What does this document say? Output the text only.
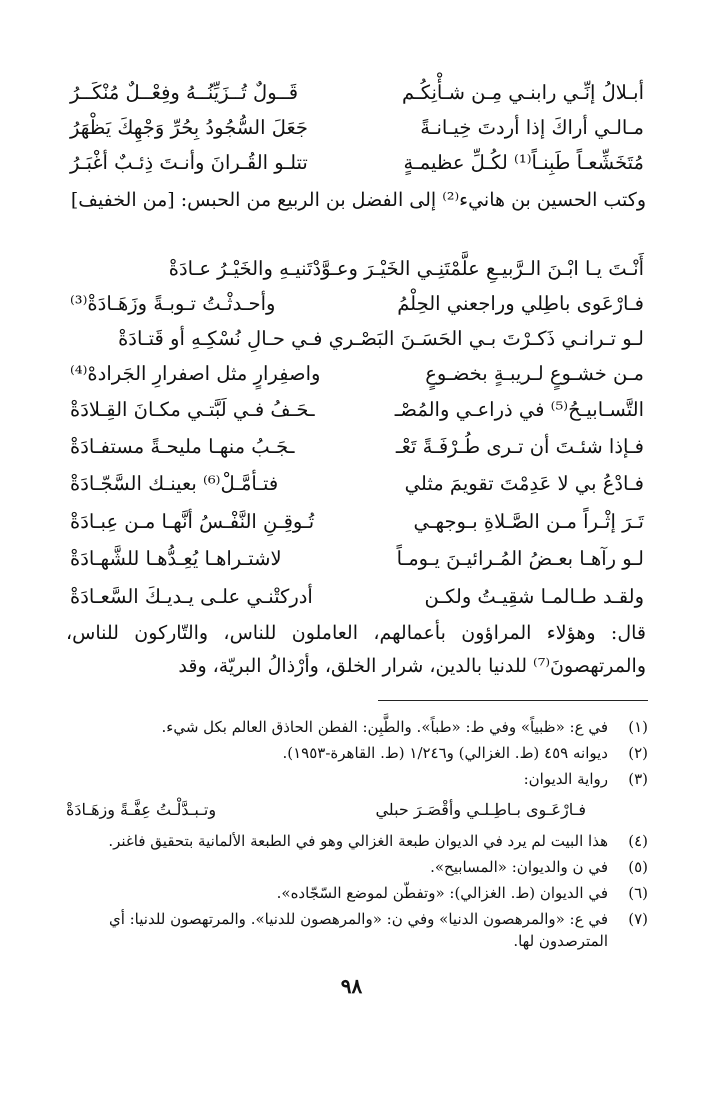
أبـلالُ إنِّـي رابنـي مِـن شـأْنِكُـم
قَــولٌ تُــزَيِّنُــهُ وفِعْــلٌ مُنْكَــرُ
مـالـي أراكَ إذا أردتَ خِيـانـةً
جَعَلَ السُّجُودُ بِحُرِّ وَجْهِكَ يَظْهَرُ
مُتَخَشِّعـاً طَبِنـاً⁽¹⁾ لكُـلِّ عظيمـةٍ
تتلـو القُـرانَ وأنـتَ ذِئـبٌ أغْبَـرُ
وكتب الحسين بن هانيء⁽²⁾ إلى الفضل بن الربيع من الحبس: [من الخفيف]
أَنْـتَ يـا ابْـنَ الـرَّبيـعِ علَّمْتَنِـي الخَيْـرَ وعـوَّدْتَنيـهِ والخَيْـرُ عـادَةْ
فـارْعَوى باطِلي وراجعني الحِلْمُ
وأحـدثْـتُ تـوبـةً وزَهَـادَةْ⁽³⁾
لـو تـرانـي ذَكـرْتَ بـي الحَسَـنَ البَصْـري فـي حـالِ نُسْكِـهِ أو قَتـادَةْ
مـن خشـوعٍ لـريبـةٍ بخضـوعٍ
واصفِرارٍ مثل اصفرارِ الجَرادهْ⁽⁴⁾
التَّسـابيـحُ⁽⁵⁾ في ذراعـي والمُصْـ
ـحَـفُ فـي لَبَّتـي مكـانَ القِـلادَةْ
فـإذا شئـتَ أن تـرى طُـرْفَـةً تَعْـ
ـجَـبُ منهـا مليحـةً مستفـادَةْ
فـادْعُ بي لا عَدِمْتَ تقويمَ مثلي
فتـأمَّـلْ⁽⁶⁾ بعينـك السَّجّـادَةْ
تَـرَ إثْـراً مـن الصَّـلاةِ بـوجهـي
تُـوقِـنِ النَّفْـسُ أنَّهـا مـن عِبـادَةْ
لـو رآهـا بعـضُ المُـرائيـنَ يـومـاً
لاشتـراهـا يُعِـدُّهـا للشَّهـادَةْ
ولقـد طـالمـا شقِيـتُ ولكـن
أدركتْنـي علـى يـديـكَ السَّعـادَةْ
قال: وهؤلاء المراؤون بأعمالهم، العاملون للناس، والتّاركون للناس، والمرتهصونَ⁽⁷⁾ للدنيا بالدين، شرار الخلق، وأرْذالُ البريّة، وقد
(١)
في ع: «ظبياً» وفي ط: «طباً». والطَّبِن: الفطن الحاذق العالم بكل شيء.
(٢)
ديوانه ٤٥٩ (ط. الغزالي) و١/٢٤٦ (ط. القاهرة-١٩٥٣).
(٣)
رواية الديوان:
فـارْعَـوى بـاطِـلـي وأقْصَـرَ حبلي
وتـبـدَّلْـتُ عِفَّـةً وزهَـادَةْ
(٤)
هذا البيت لم يرد في الديوان طبعة الغزالي وهو في الطبعة الألمانية بتحقيق فاغنر.
(٥)
في ن والديوان: «المسابيح».
(٦)
في الديوان (ط. الغزالي): «وتفطّن لموضع السّجّاده».
(٧)
في ع: «والمرهصون الدنيا» وفي ن: «والمرهصون للدنيا». والمرتهصون للدنيا: أي المترصدون لها.
٩٨
